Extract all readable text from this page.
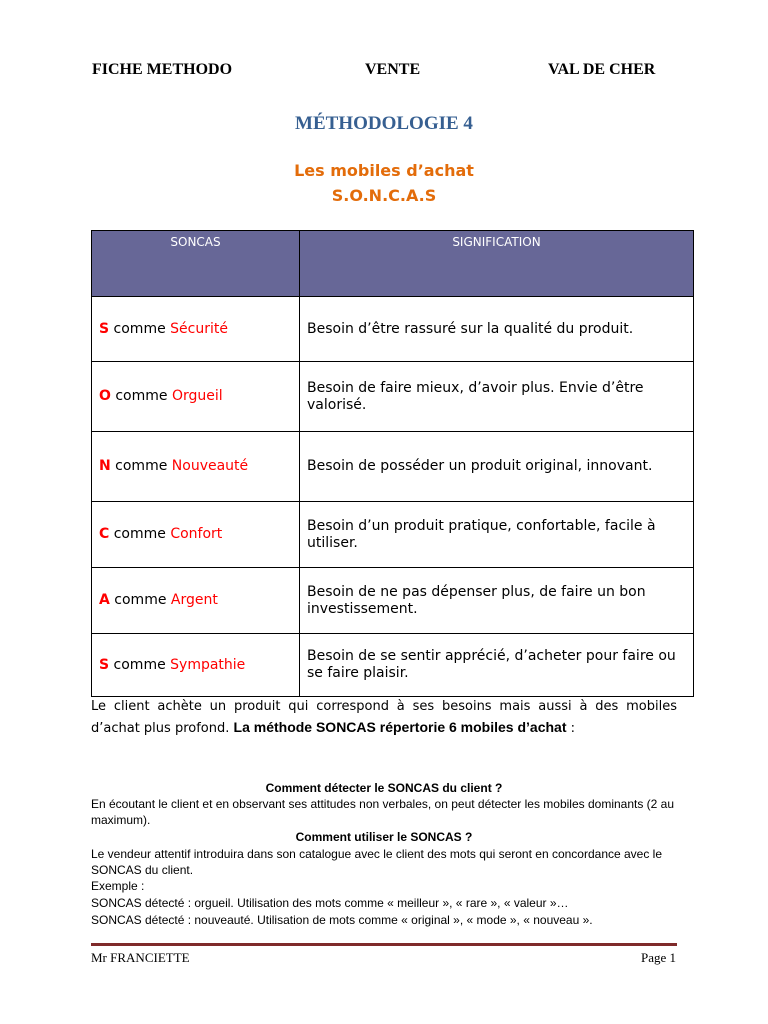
FICHE METHODO	VENTE	VAL DE CHER
MÉTHODOLOGIE 4
Les mobiles d’achat
S.O.N.C.A.S
SONCAS	SIGNIFICATION
S comme Sécurité	Besoin d’être rassuré sur la qualité du produit.
O comme Orgueil	Besoin de faire mieux, d’avoir plus. Envie d’être valorisé.
N comme Nouveauté	Besoin de posséder un produit original, innovant.
C comme Confort	Besoin d’un produit pratique, confortable, facile à utiliser.
A comme Argent	Besoin de ne pas dépenser plus, de faire un bon investissement.
S comme Sympathie	Besoin de se sentir apprécié, d’acheter pour faire ou se faire plaisir.
Le client achète un produit qui correspond à ses besoins mais aussi à des mobiles d’achat plus profond. La méthode SONCAS répertorie 6 mobiles d’achat :
Comment détecter le SONCAS du client ?
En écoutant le client et en observant ses attitudes non verbales, on peut détecter les mobiles dominants (2 au maximum).
Comment utiliser le SONCAS ?
Le vendeur attentif introduira dans son catalogue avec le client des mots qui seront en concordance avec le SONCAS du client.
Exemple :
SONCAS détecté : orgueil. Utilisation des mots comme « meilleur », « rare », « valeur »…
SONCAS détecté : nouveauté. Utilisation de mots comme « original », « mode », « nouveau ».
Mr FRANCIETTE	Page 1
